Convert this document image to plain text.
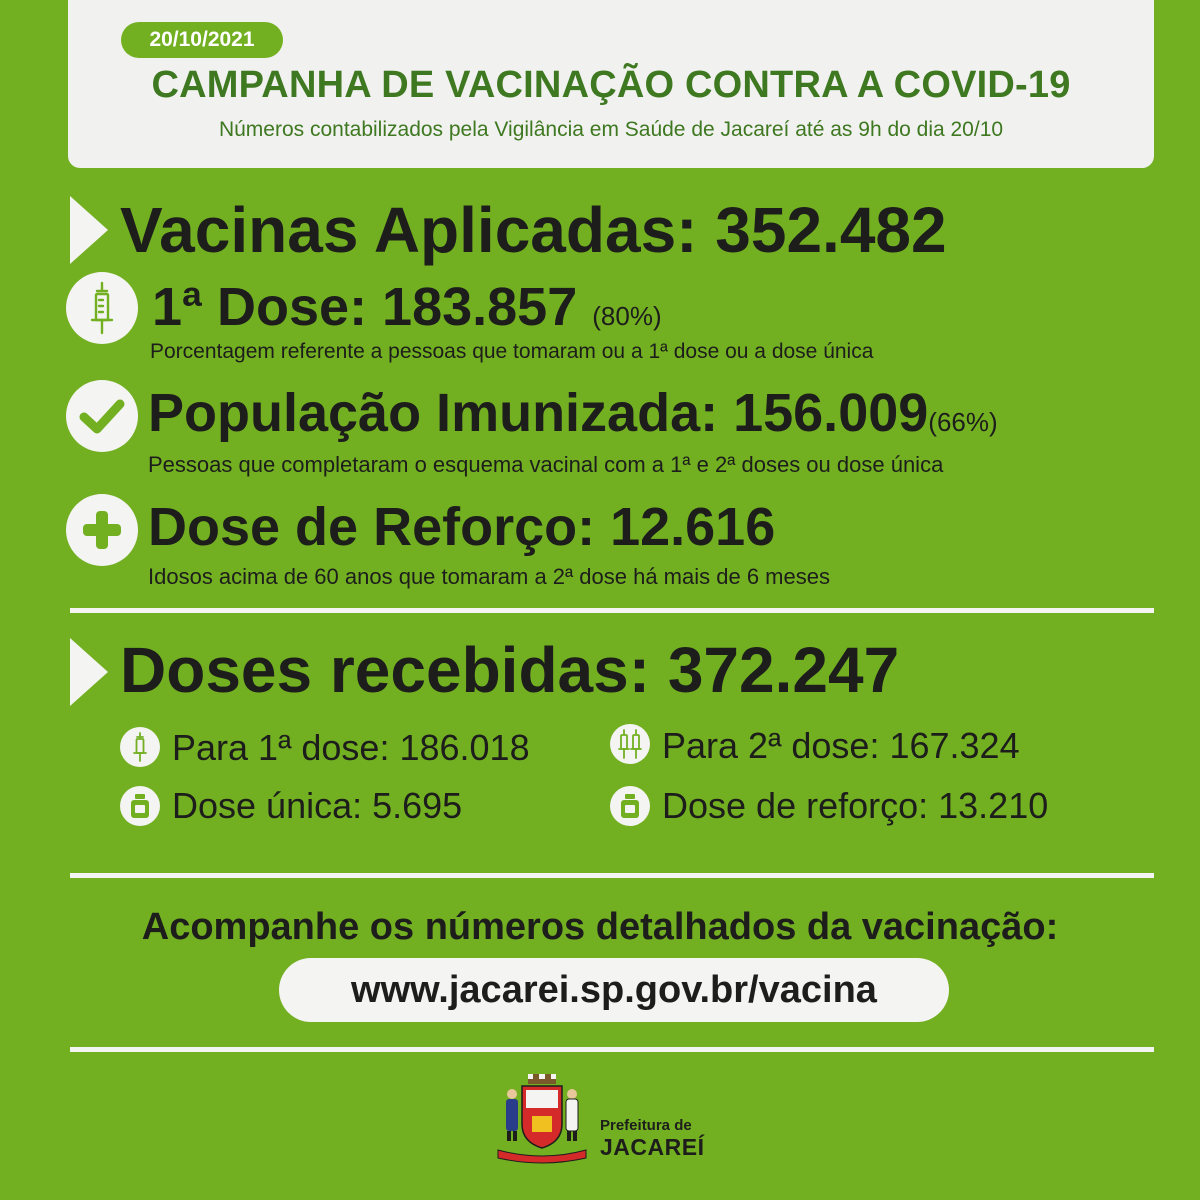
20/10/2021
CAMPANHA DE VACINAÇÃO CONTRA A COVID-19
Números contabilizados pela Vigilância em Saúde de Jacareí até as 9h do dia 20/10
Vacinas Aplicadas: 352.482
1ª Dose: 183.857 (80%)
Porcentagem referente a pessoas que tomaram ou a 1ª dose ou a dose única
População Imunizada: 156.009(66%)
Pessoas que completaram o esquema vacinal com a 1ª e 2ª doses ou dose única
Dose de Reforço: 12.616
Idosos acima de 60 anos que tomaram a 2ª dose há mais de 6 meses
Doses recebidas: 372.247
Para 1ª dose: 186.018	Para 2ª dose: 167.324
Dose única: 5.695	Dose de reforço: 13.210
Acompanhe os números detalhados da vacinação:
www.jacarei.sp.gov.br/vacina
Prefeitura de
JACAREÍ
